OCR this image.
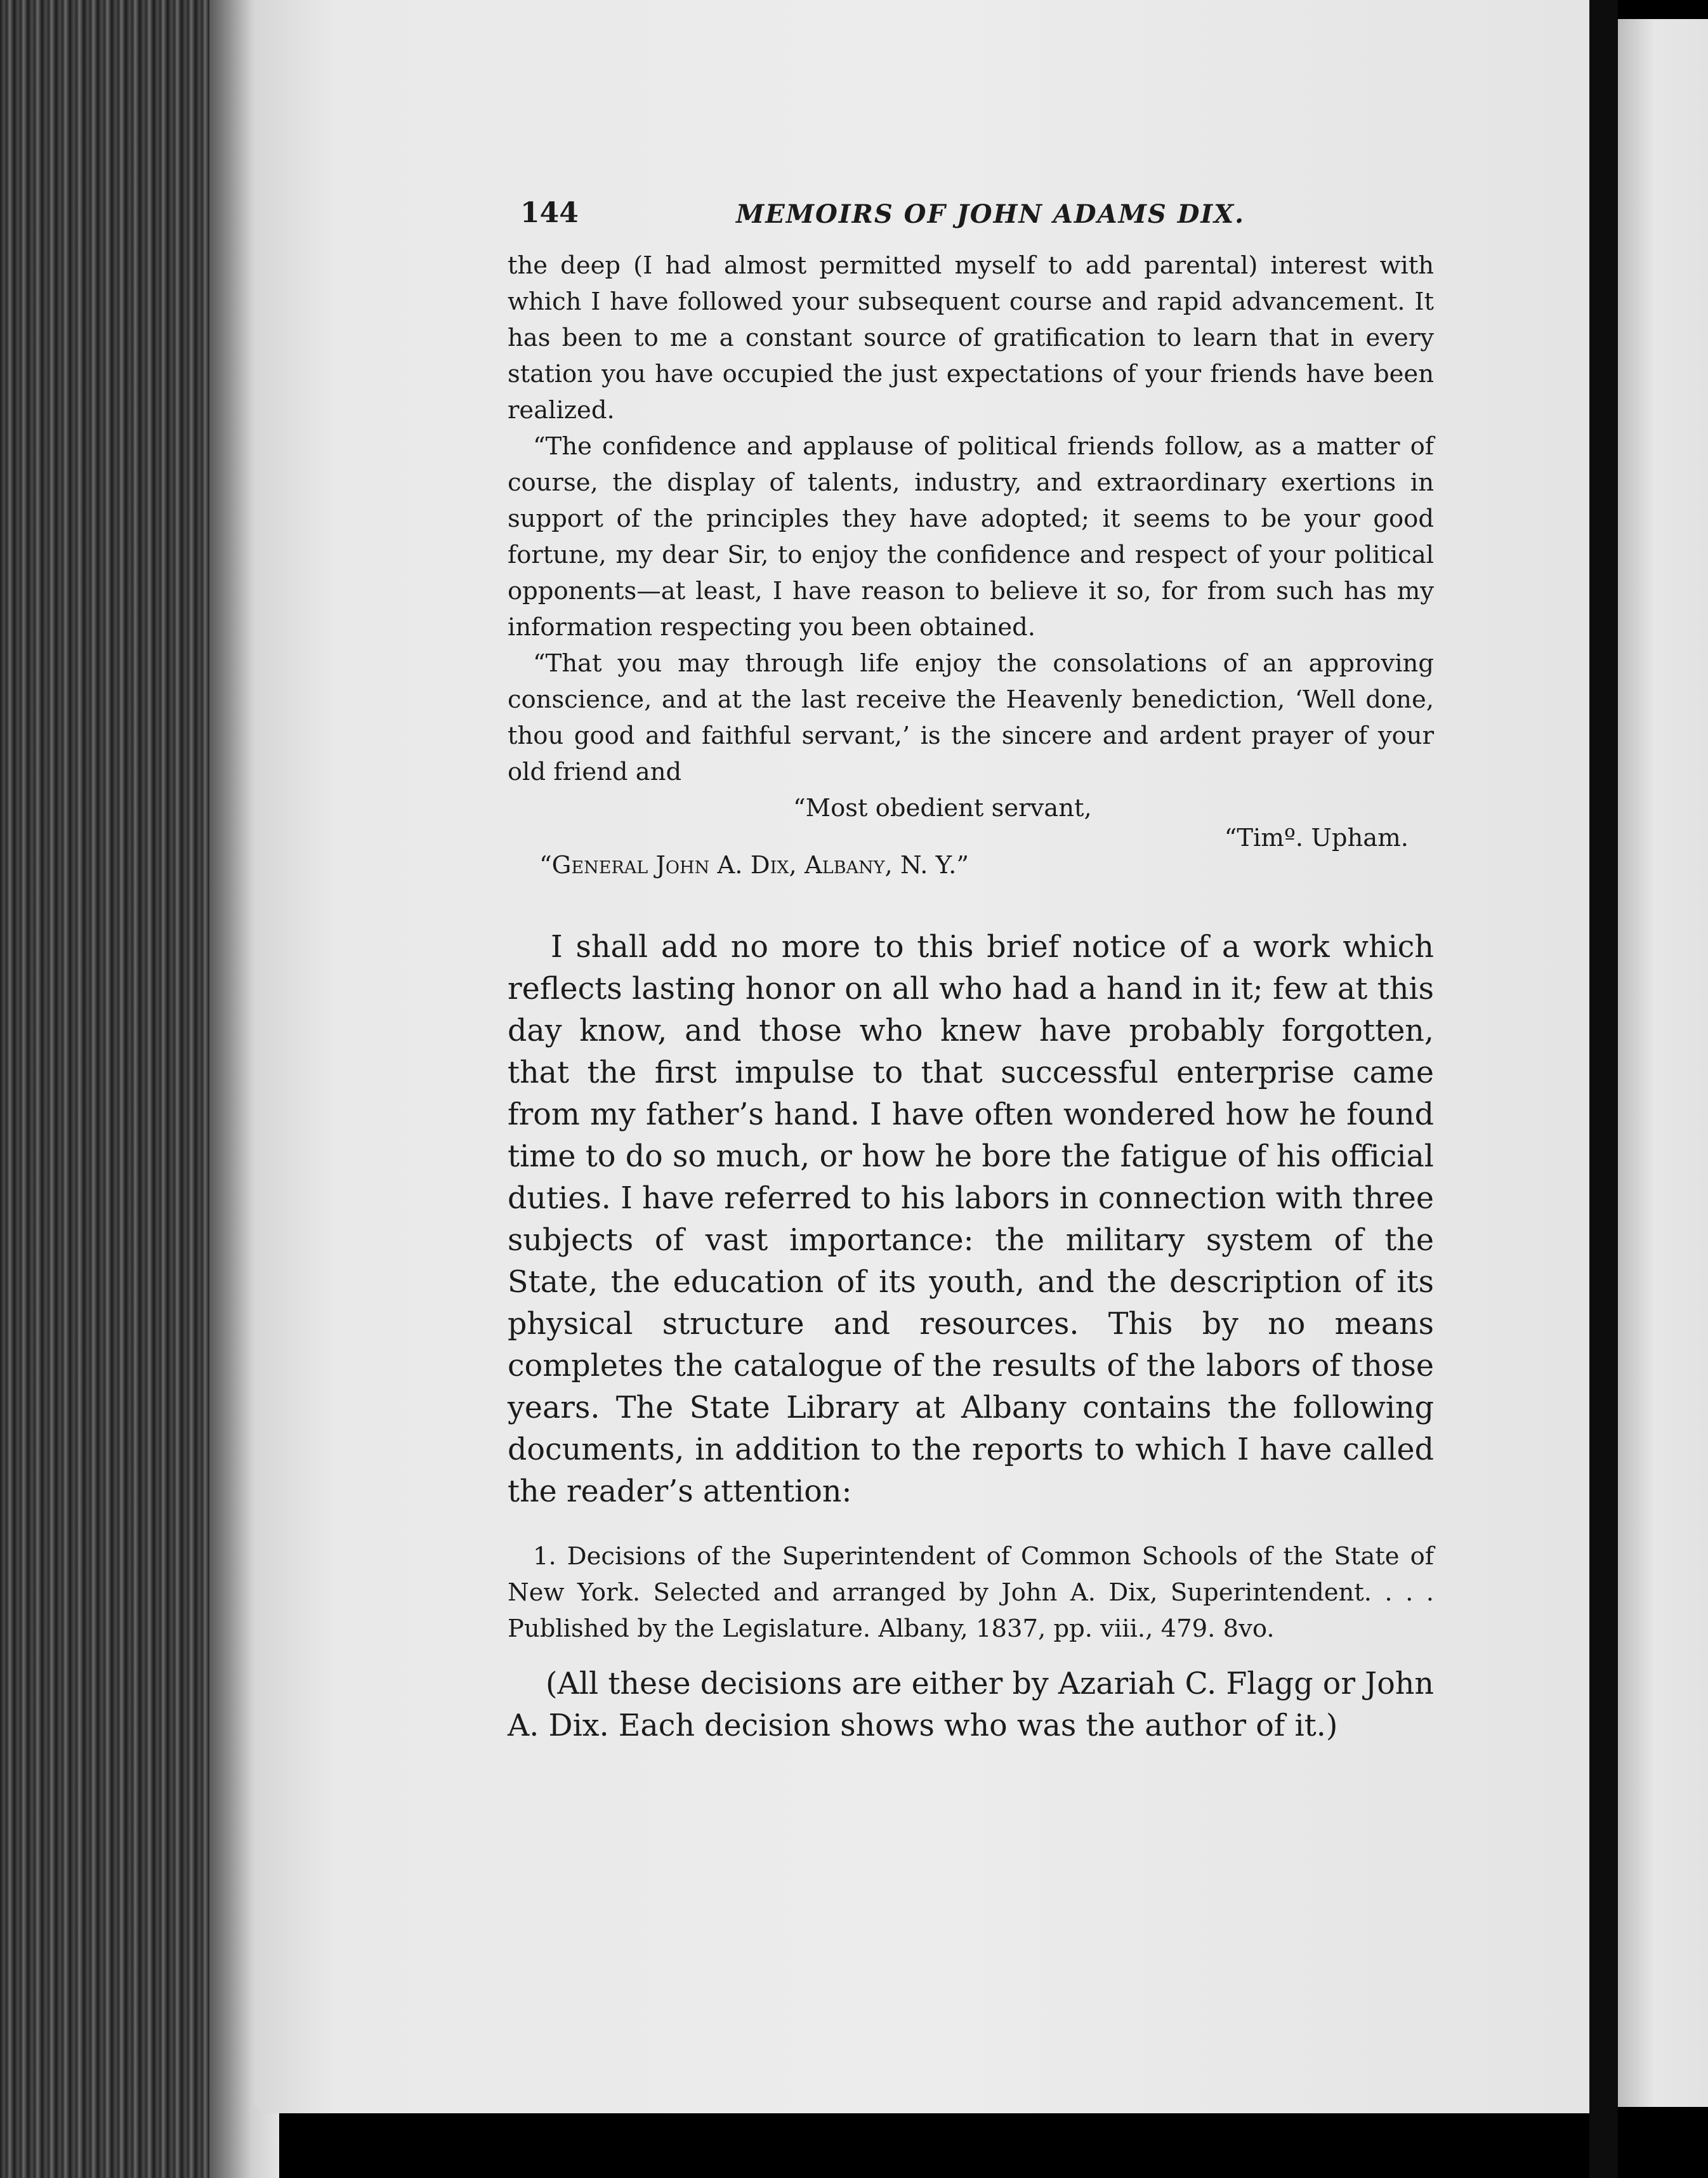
144	MEMOIRS OF JOHN ADAMS DIX.

the deep (I had almost permitted myself to add parental) interest with which I have followed your subsequent course and rapid advancement. It has been to me a constant source of gratification to learn that in every station you have occupied the just expectations of your friends have been realized.

“The confidence and applause of political friends follow, as a matter of course, the display of talents, industry, and extraordinary exertions in support of the principles they have adopted; it seems to be your good fortune, my dear Sir, to enjoy the confidence and respect of your political opponents—at least, I have reason to believe it so, for from such has my information respecting you been obtained.

“That you may through life enjoy the consolations of an approving conscience, and at the last receive the Heavenly benediction, ‘Well done, thou good and faithful servant,’ is the sincere and ardent prayer of your old friend and

“Most obedient servant,
“Timº. Upham.
“General John A. Dix, Albany, N. Y.”

I shall add no more to this brief notice of a work which reflects lasting honor on all who had a hand in it; few at this day know, and those who knew have probably forgotten, that the first impulse to that successful enterprise came from my father’s hand. I have often wondered how he found time to do so much, or how he bore the fatigue of his official duties. I have referred to his labors in connection with three subjects of vast importance: the military system of the State, the education of its youth, and the description of its physical structure and resources. This by no means completes the catalogue of the results of the labors of those years. The State Library at Albany contains the following documents, in addition to the reports to which I have called the reader’s attention:

1. Decisions of the Superintendent of Common Schools of the State of New York. Selected and arranged by John A. Dix, Superintendent. . . . Published by the Legislature. Albany, 1837, pp. viii., 479. 8vo.

(All these decisions are either by Azariah C. Flagg or John A. Dix. Each decision shows who was the author of it.)
